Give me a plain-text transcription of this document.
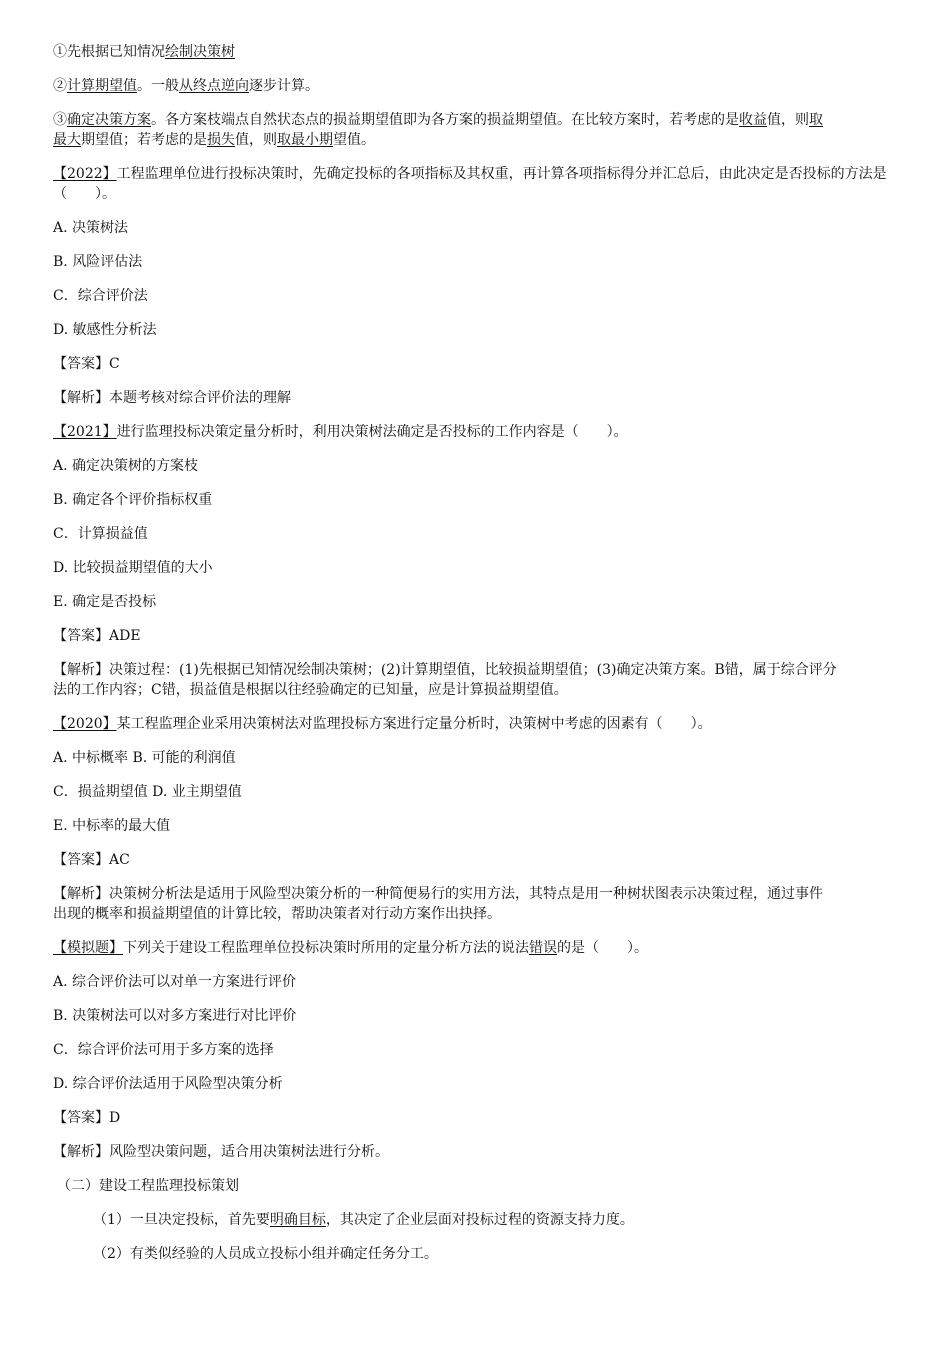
①先根据已知情况绘制决策树

②计算期望值。一般从终点逆向逐步计算。

③确定决策方案。各方案枝端点自然状态点的损益期望值即为各方案的损益期望值。在比较方案时，若考虑的是收益值，则取
最大期望值；若考虑的是损失值，则取最小期望值。

【2022】工程监理单位进行投标决策时，先确定投标的各项指标及其权重，再计算各项指标得分并汇总后，由此决定是否投标的方法是（　　）。

A. 决策树法

B. 风险评估法

C．综合评价法

D. 敏感性分析法

【答案】C

【解析】本题考核对综合评价法的理解

【2021】进行监理投标决策定量分析时，利用决策树法确定是否投标的工作内容是（　　）。

A. 确定决策树的方案枝

B. 确定各个评价指标权重

C．计算损益值

D. 比较损益期望值的大小

E. 确定是否投标

【答案】ADE

【解析】决策过程：(1)先根据已知情况绘制决策树；(2)计算期望值，比较损益期望值；(3)确定决策方案。B错，属于综合评分
法的工作内容；C错，损益值是根据以往经验确定的已知量，应是计算损益期望值。

【2020】某工程监理企业采用决策树法对监理投标方案进行定量分析时，决策树中考虑的因素有（　　）。

A. 中标概率 B. 可能的利润值

C．损益期望值 D. 业主期望值

E. 中标率的最大值

【答案】AC

【解析】决策树分析法是适用于风险型决策分析的一种简便易行的实用方法，其特点是用一种树状图表示决策过程，通过事件
出现的概率和损益期望值的计算比较，帮助决策者对行动方案作出抉择。

【模拟题】下列关于建设工程监理单位投标决策时所用的定量分析方法的说法错误的是（　　）。

A. 综合评价法可以对单一方案进行评价

B. 决策树法可以对多方案进行对比评价

C．综合评价法可用于多方案的选择

D. 综合评价法适用于风险型决策分析

【答案】D

【解析】风险型决策问题，适合用决策树法进行分析。

（二）建设工程监理投标策划

（1）一旦决定投标，首先要明确目标，其决定了企业层面对投标过程的资源支持力度。

（2）有类似经验的人员成立投标小组并确定任务分工。
